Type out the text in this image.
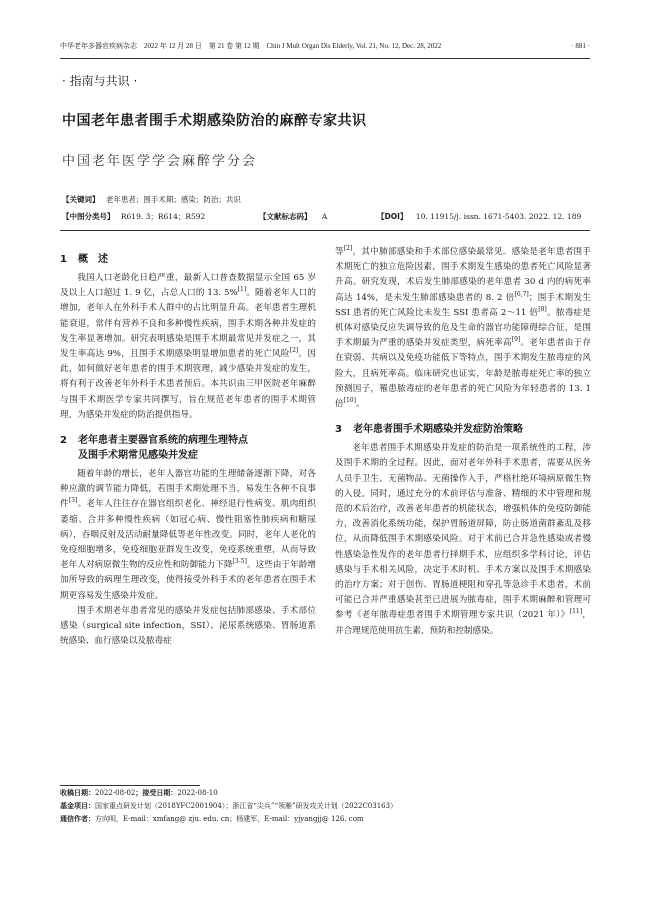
中华老年多器官疾病杂志　2022 年 12 月 28 日　第 21 卷 第 12 期　Chin J Mult Organ Dis Elderly, Vol. 21, No. 12, Dec. 28, 2022	· 881 ·
· 指南与共识 ·
中国老年患者围手术期感染防治的麻醉专家共识
中国老年医学学会麻醉学分会
【关键词】 老年患者；围手术期；感染；防治；共识
【中图分类号】 R619. 3；R614；R592	【文献标志码】 A	【DOI】 10. 11915/j. issn. 1671-5403. 2022. 12. 189
1 概　述

我国人口老龄化日趋严重，最新人口普查数据显示全国 65 岁及以上人口超过 1. 9 亿，占总人口的 13. 5%[1]。随着老年人口的增加，老年人在外科手术人群中的占比明显升高。老年患者生理机能衰退，常伴有营养不良和多种慢性疾病，围手术期各种并发症的发生率显著增加。研究表明感染是围手术期最常见并发症之一，其发生率高达 9%，且围手术期感染明显增加患者的死亡风险[2]。因此，如何做好老年患者的围手术期管理，减少感染并发症的发生，将有利于改善老年外科手术患者预后。本共识由三甲医院老年麻醉与围手术期医学专家共同撰写，旨在规范老年患者的围手术期管理，为感染并发症的防治提供指导。

2 老年患者主要器官系统的病理生理特点
及围手术期常见感染并发症

随着年龄的增长，老年人器官功能的生理储备逐渐下降，对各种应激的调节能力降低，若围手术期处理不当，易发生各种不良事件[3]。老年人往往存在器官组织老化、神经退行性病变、肌肉组织萎缩、合并多种慢性疾病（如冠心病、慢性阻塞性肺疾病和糖尿病），吞咽反射及活动耐量降低等老年性改变。同时，老年人老化的免疫细胞增多，免疫细胞亚群发生改变，免疫系统重塑，从而导致老年人对病原微生物的反应性和防御能力下降[3-5]。这些由于年龄增加所导致的病理生理改变，使得接受外科手术的老年患者在围手术期更容易发生感染并发症。

围手术期老年患者常见的感染并发症包括肺部感染、手术部位感染（surgical site infection，SSI）、泌尿系统感染、胃肠道系统感染、血行感染以及脓毒症

等[2]，其中肺部感染和手术部位感染最常见。感染是老年患者围手术期死亡的独立危险因素，围手术期发生感染的患者死亡风险显著升高。研究发现，术后发生肺部感染的老年患者 30 d 内的病死率高达 14%，是未发生肺部感染患者的 8. 2 倍[6,7]；围手术期发生 SSI 患者的死亡风险比未发生 SSI 患者高 2～11 倍[8]。脓毒症是机体对感染反应失调导致的危及生命的器官功能障碍综合征，是围手术期最为严重的感染并发症类型，病死率高[9]。老年患者由于存在衰弱、共病以及免疫功能低下等特点，围手术期发生脓毒症的风险大，且病死率高。临床研究也证实，年龄是脓毒症死亡率的独立预测因子，罹患脓毒症的老年患者的死亡风险为年轻患者的 13. 1 倍[10]。

3 老年患者围手术期感染并发症防治策略

老年患者围手术期感染并发症的防治是一项系统性的工程，涉及围手术期的全过程。因此，面对老年外科手术患者，需要从医务人员手卫生、无菌物品、无菌操作入手，严格杜绝环境病原微生物的入侵。同时，通过充分的术前评估与准备、精细的术中管理和规范的术后治疗，改善老年患者的机能状态，增强机体的免疫防御能力，改善消化系统功能，保护胃肠道屏障，防止肠道菌群紊乱及移位，从而降低围手术期感染风险。对于术前已合并急性感染或者慢性感染急性发作的老年患者行择期手术，应组织多学科讨论，评估感染与手术相关风险，决定手术时机、手术方案以及围手术期感染的治疗方案；对于创伤、胃肠道梗阻和穿孔等急诊手术患者，术前可能已合并严重感染甚至已进展为脓毒症，围手术期麻醉和管理可参考《老年脓毒症患者围手术期管理专家共识（2021 年）》[11]，并合理规范使用抗生素，预防和控制感染。

收稿日期：2022-08-02；接受日期：2022-08-10
基金项目：国家重点研发计划（2018YFC2001904）；浙江省“尖兵”“领雁”研发攻关计划（2022C03163）
通信作者：方向明，E-mail：xmfang@ zju. edu. cn；杨建军，E-mail：yjyangjj@ 126. com
